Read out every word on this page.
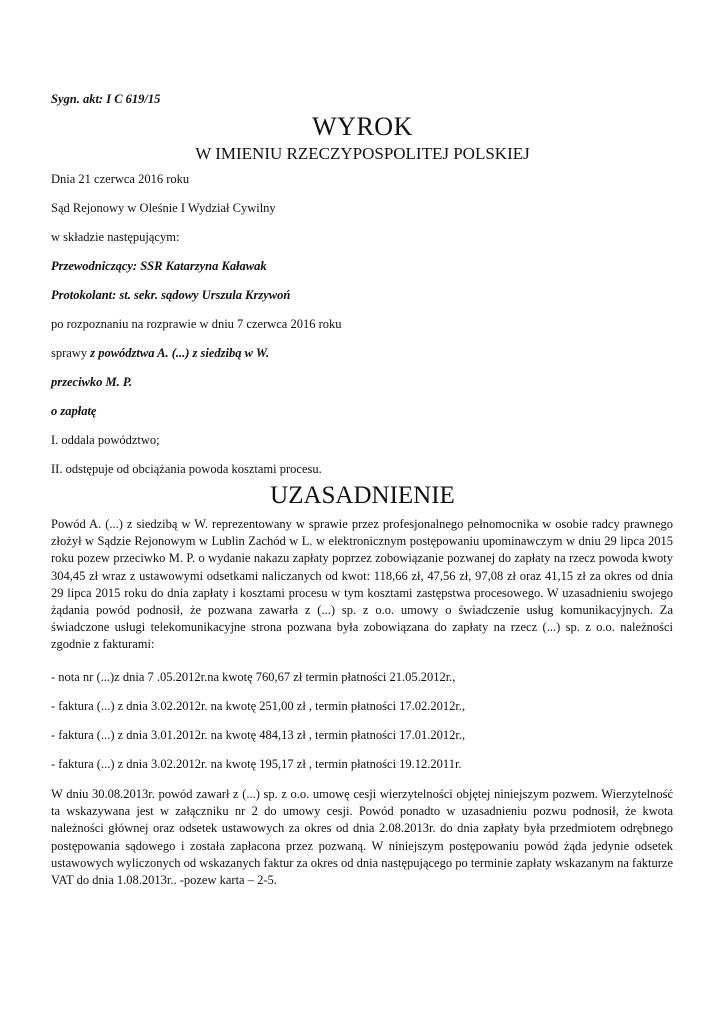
Sygn. akt: I C 619/15
WYROK
W IMIENIU RZECZYPOSPOLITEJ POLSKIEJ
Dnia 21 czerwca 2016 roku
Sąd Rejonowy w Oleśnie I Wydział Cywilny
w składzie następującym:
Przewodniczący: SSR Katarzyna Kaławak
Protokolant: st. sekr. sądowy Urszula Krzywoń
po rozpoznaniu na rozprawie w dniu 7 czerwca 2016 roku
sprawy z powództwa A. (...) z siedzibą w W.
przeciwko M. P.
o zapłatę
I. oddala powództwo;
II. odstępuje od obciążania powoda kosztami procesu.
UZASADNIENIE

Powód A. (...) z siedzibą w W. reprezentowany w sprawie przez profesjonalnego pełnomocnika w osobie radcy prawnego złożył w Sądzie Rejonowym w Lublin Zachód w L. w elektronicznym postępowaniu upominawczym w dniu 29 lipca 2015 roku pozew przeciwko M. P. o wydanie nakazu zapłaty poprzez zobowiązanie pozwanej do zapłaty na rzecz powoda kwoty 304,45 zł wraz z ustawowymi odsetkami naliczanych od kwot: 118,66 zł, 47,56 zł, 97,08 zł oraz 41,15 zł za okres od dnia 29 lipca 2015 roku do dnia zapłaty i kosztami procesu w tym kosztami zastępstwa procesowego. W uzasadnieniu swojego żądania powód podnosił, że pozwana zawarła z (...) sp. z o.o. umowy o świadczenie usług komunikacyjnych. Za świadczone usługi telekomunikacyjne strona pozwana była zobowiązana do zapłaty na rzecz (...) sp. z o.o. należności zgodnie z fakturami:

- nota nr (...)z dnia 7 .05.2012r.na kwotę 760,67 zł termin płatności 21.05.2012r.,
- faktura (...) z dnia 3.02.2012r. na kwotę 251,00 zł , termin płatności 17.02.2012r.,
- faktura (...) z dnia 3.01.2012r. na kwotę 484,13 zł , termin płatności 17.01.2012r.,
- faktura (...) z dnia 3.02.2012r. na kwotę 195,17 zł , termin płatności 19.12.2011r.

W dniu 30.08.2013r. powód zawarł z (...) sp. z o.o. umowę cesji wierzytelności objętej niniejszym pozwem. Wierzytelność ta wskazywana jest w załączniku nr 2 do umowy cesji. Powód ponadto w uzasadnieniu pozwu podnosił, że kwota należności głównej oraz odsetek ustawowych za okres od dnia 2.08.2013r. do dnia zapłaty była przedmiotem odrębnego postępowania sądowego i została zapłacona przez pozwaną. W niniejszym postępowaniu powód żąda jedynie odsetek ustawowych wyliczonych od wskazanych faktur za okres od dnia następującego po terminie zapłaty wskazanym na fakturze VAT do dnia 1.08.2013r.. -pozew karta – 2-5.
